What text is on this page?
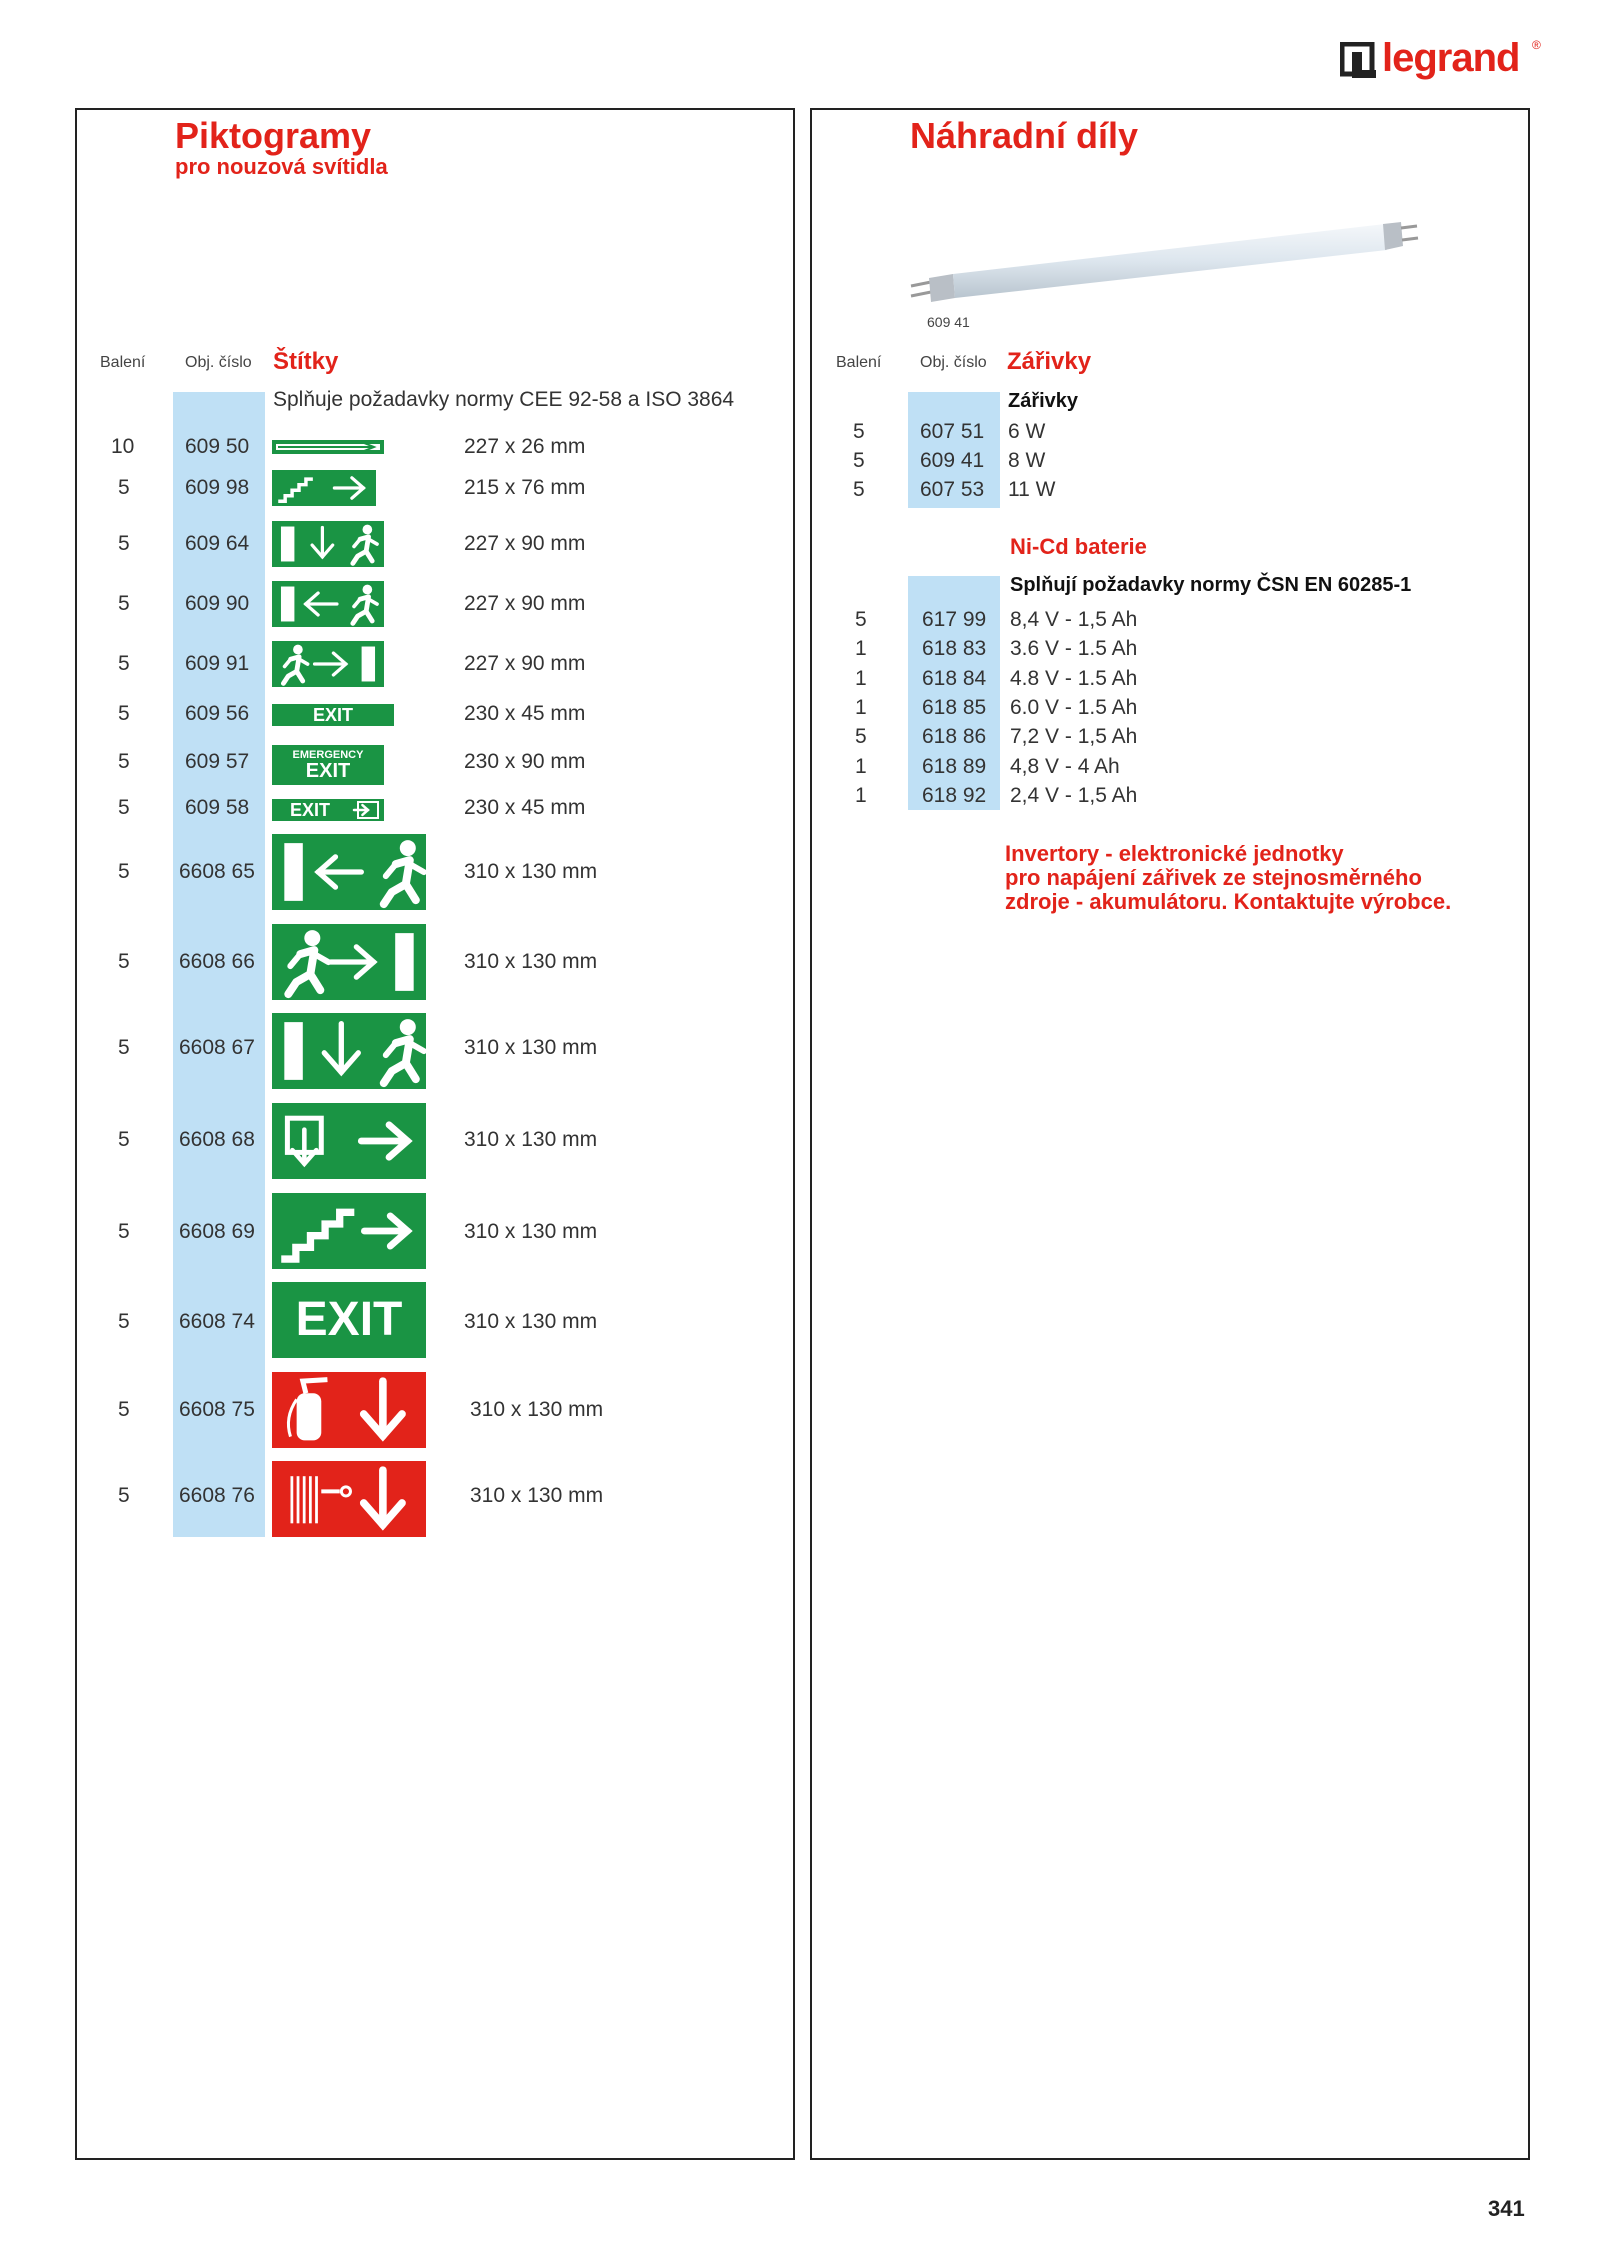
legrand ®
Piktogramy
pro nouzová svítidla
Balení Obj. číslo Štítky
Splňuje požadavky normy CEE 92-58 a ISO 3864
10 609 50	227 x 26 mm
5	609 98	215 x 76 mm
5	609 64	227 x 90 mm
5	609 90	227 x 90 mm
5	609 91	227 x 90 mm
5	609 56	230 x 45 mm
EXIT
5	609 57	230 x 90 mm
EMERGENCY
EXIT
5	609 58	230 x 45 mm
EXIT
5 6608 65	310 x 130 mm
5 6608 66	310 x 130 mm
5 6608 67	310 x 130 mm
5 6608 68	310 x 130 mm
5 6608 69	310 x 130 mm
5 6608 74	310 x 130 mm
EXIT
5 6608 75	310 x 130 mm
5 6608 76	310 x 130 mm
Náhradní díly
609 41
Balení Obj. číslo Zářivky
Zářivky
5	607 51 6 W
5	609 41 8 W
5	607 53 11 W
Ni-Cd baterie
Splňují požadavky normy ČSN EN 60285-1
5	617 99 8,4 V - 1,5 Ah
1	618 83 3.6 V - 1.5 Ah
1	618 84 4.8 V - 1.5 Ah
1	618 85 6.0 V - 1.5 Ah
5	618 86 7,2 V - 1,5 Ah
1	618 89 4,8 V - 4 Ah
1	618 92 2,4 V - 1,5 Ah
Invertory - elektronické jednotky
pro napájení zářivek ze stejnosměrného
zdroje - akumulátoru. Kontaktujte výrobce.
341
